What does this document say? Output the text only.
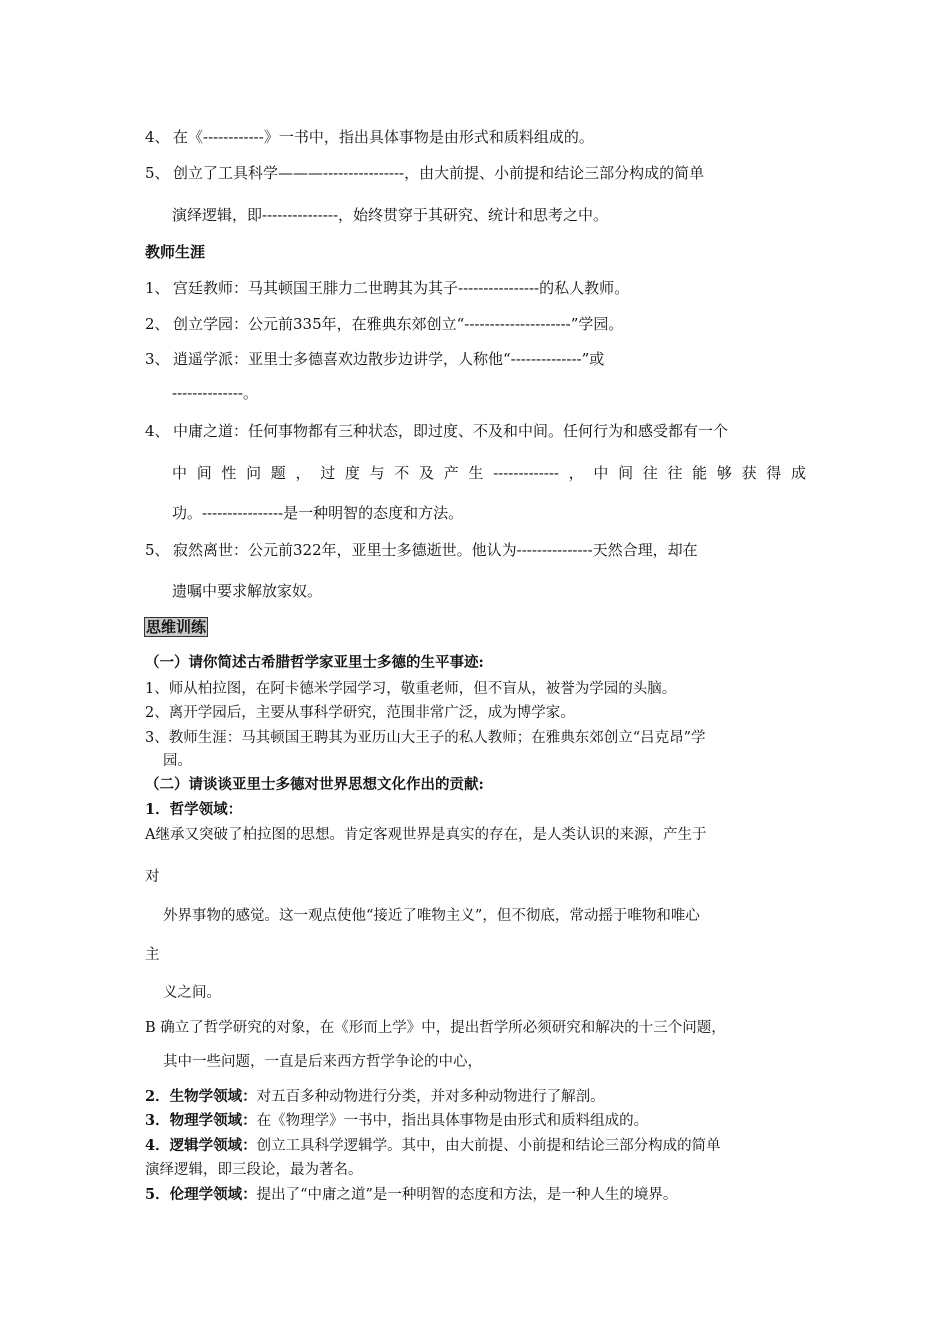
4、 在《------------》一书中，指出具体事物是由形式和质料组成的。
5、 创立了工具科学———----------------，由大前提、小前提和结论三部分构成的简单
演绎逻辑，即---------------，始终贯穿于其研究、统计和思考之中。
教师生涯
1、 宫廷教师：马其顿国王腓力二世聘其为其子----------------的私人教师。
2、 创立学园：公元前335年，在雅典东郊创立“---------------------”学园。
3、 逍遥学派：亚里士多德喜欢边散步边讲学，人称他“--------------”或
--------------。
4、 中庸之道：任何事物都有三种状态，即过度、不及和中间。任何行为和感受都有一个
中间性问题，过度与不及产生-------------，中间往往能够获得成
功。----------------是一种明智的态度和方法。
5、 寂然离世：公元前322年，亚里士多德逝世。他认为---------------天然合理，却在
遗嘱中要求解放家奴。
思维训练
（一）请你简述古希腊哲学家亚里士多德的生平事迹:
1、师从柏拉图，在阿卡德米学园学习，敬重老师，但不盲从，被誉为学园的头脑。
2、离开学园后，主要从事科学研究，范围非常广泛，成为博学家。
3、教师生涯：马其顿国王聘其为亚历山大王子的私人教师；在雅典东郊创立“吕克昂”学
园。
（二）请谈谈亚里士多德对世界思想文化作出的贡献:
1．哲学领域：
A继承又突破了柏拉图的思想。肯定客观世界是真实的存在，是人类认识的来源，产生于
对
外界事物的感觉。这一观点使他“接近了唯物主义”，但不彻底，常动摇于唯物和唯心
主
义之间。
B 确立了哲学研究的对象，在《形而上学》中，提出哲学所必须研究和解决的十三个问题，
其中一些问题，一直是后来西方哲学争论的中心，
2．生物学领域：对五百多种动物进行分类，并对多种动物进行了解剖。
3．物理学领域：在《物理学》一书中，指出具体事物是由形式和质料组成的。
4．逻辑学领域：创立工具科学逻辑学。其中，由大前提、小前提和结论三部分构成的简单
演绎逻辑，即三段论，最为著名。
5．伦理学领域：提出了“中庸之道”是一种明智的态度和方法，是一种人生的境界。
